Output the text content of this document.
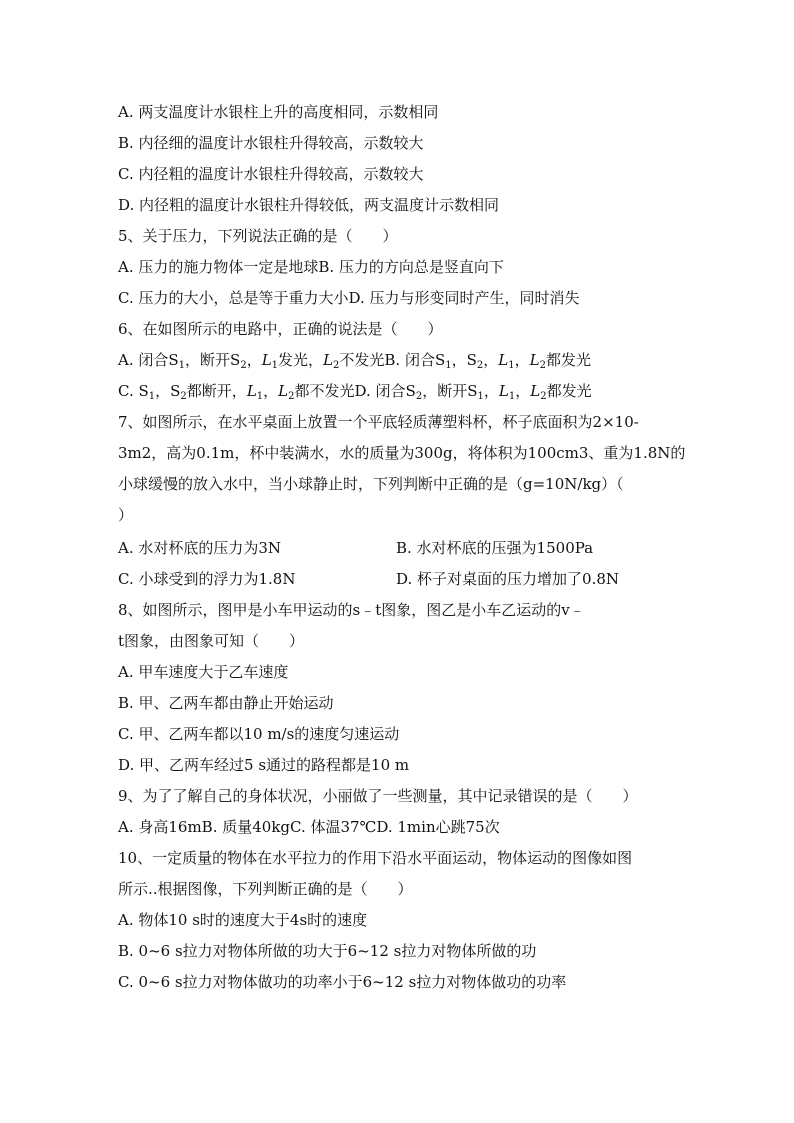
A. 两支温度计水银柱上升的高度相同，示数相同
B. 内径细的温度计水银柱升得较高，示数较大
C. 内径粗的温度计水银柱升得较高，示数较大
D. 内径粗的温度计水银柱升得较低，两支温度计示数相同
5、关于压力，下列说法正确的是（　　）
A. 压力的施力物体一定是地球B. 压力的方向总是竖直向下
C. 压力的大小，总是等于重力大小D. 压力与形变同时产生，同时消失
6、在如图所示的电路中，正确的说法是（　　）
A. 闭合$S_1$，断开$S_2$，$L_1$发光，$L_2$不发光B. 闭合$S_1$，$S_2$，$L_1$，$L_2$都发光
C. $S_1$，$S_2$都断开，$L_1$，$L_2$都不发光D. 闭合$S_2$，断开$S_1$，$L_1$，$L_2$都发光
7、如图所示，在水平桌面上放置一个平底轻质薄塑料杯，杯子底面积为2×10-
3m2，高为0.1m，杯中装满水，水的质量为300g，将体积为100cm3、重为1.8N的
小球缓慢的放入水中，当小球静止时，下列判断中正确的是（g=10N/kg）（
）
A. 水对杯底的压力为3N	B. 水对杯底的压强为1500Pa
C. 小球受到的浮力为1.8N	D. 杯子对桌面的压力增加了0.8N
8、如图所示，图甲是小车甲运动的s﹣t图象，图乙是小车乙运动的v﹣
t图象，由图象可知（　　）
A. 甲车速度大于乙车速度
B. 甲、乙两车都由静止开始运动
C. 甲、乙两车都以10 m/s的速度匀速运动
D. 甲、乙两车经过5 s通过的路程都是10 m
9、为了了解自己的身体状况，小丽做了一些测量，其中记录错误的是（　　）
A. 身高16mB. 质量40kgC. 体温37℃D. 1min心跳75次
10、一定质量的物体在水平拉力的作用下沿水平面运动，物体运动的图像如图
所示..根据图像，下列判断正确的是（　　）
A. 物体10 s时的速度大于4s时的速度
B. 0~6 s拉力对物体所做的功大于6~12 s拉力对物体所做的功
C. 0~6 s拉力对物体做功的功率小于6~12 s拉力对物体做功的功率
